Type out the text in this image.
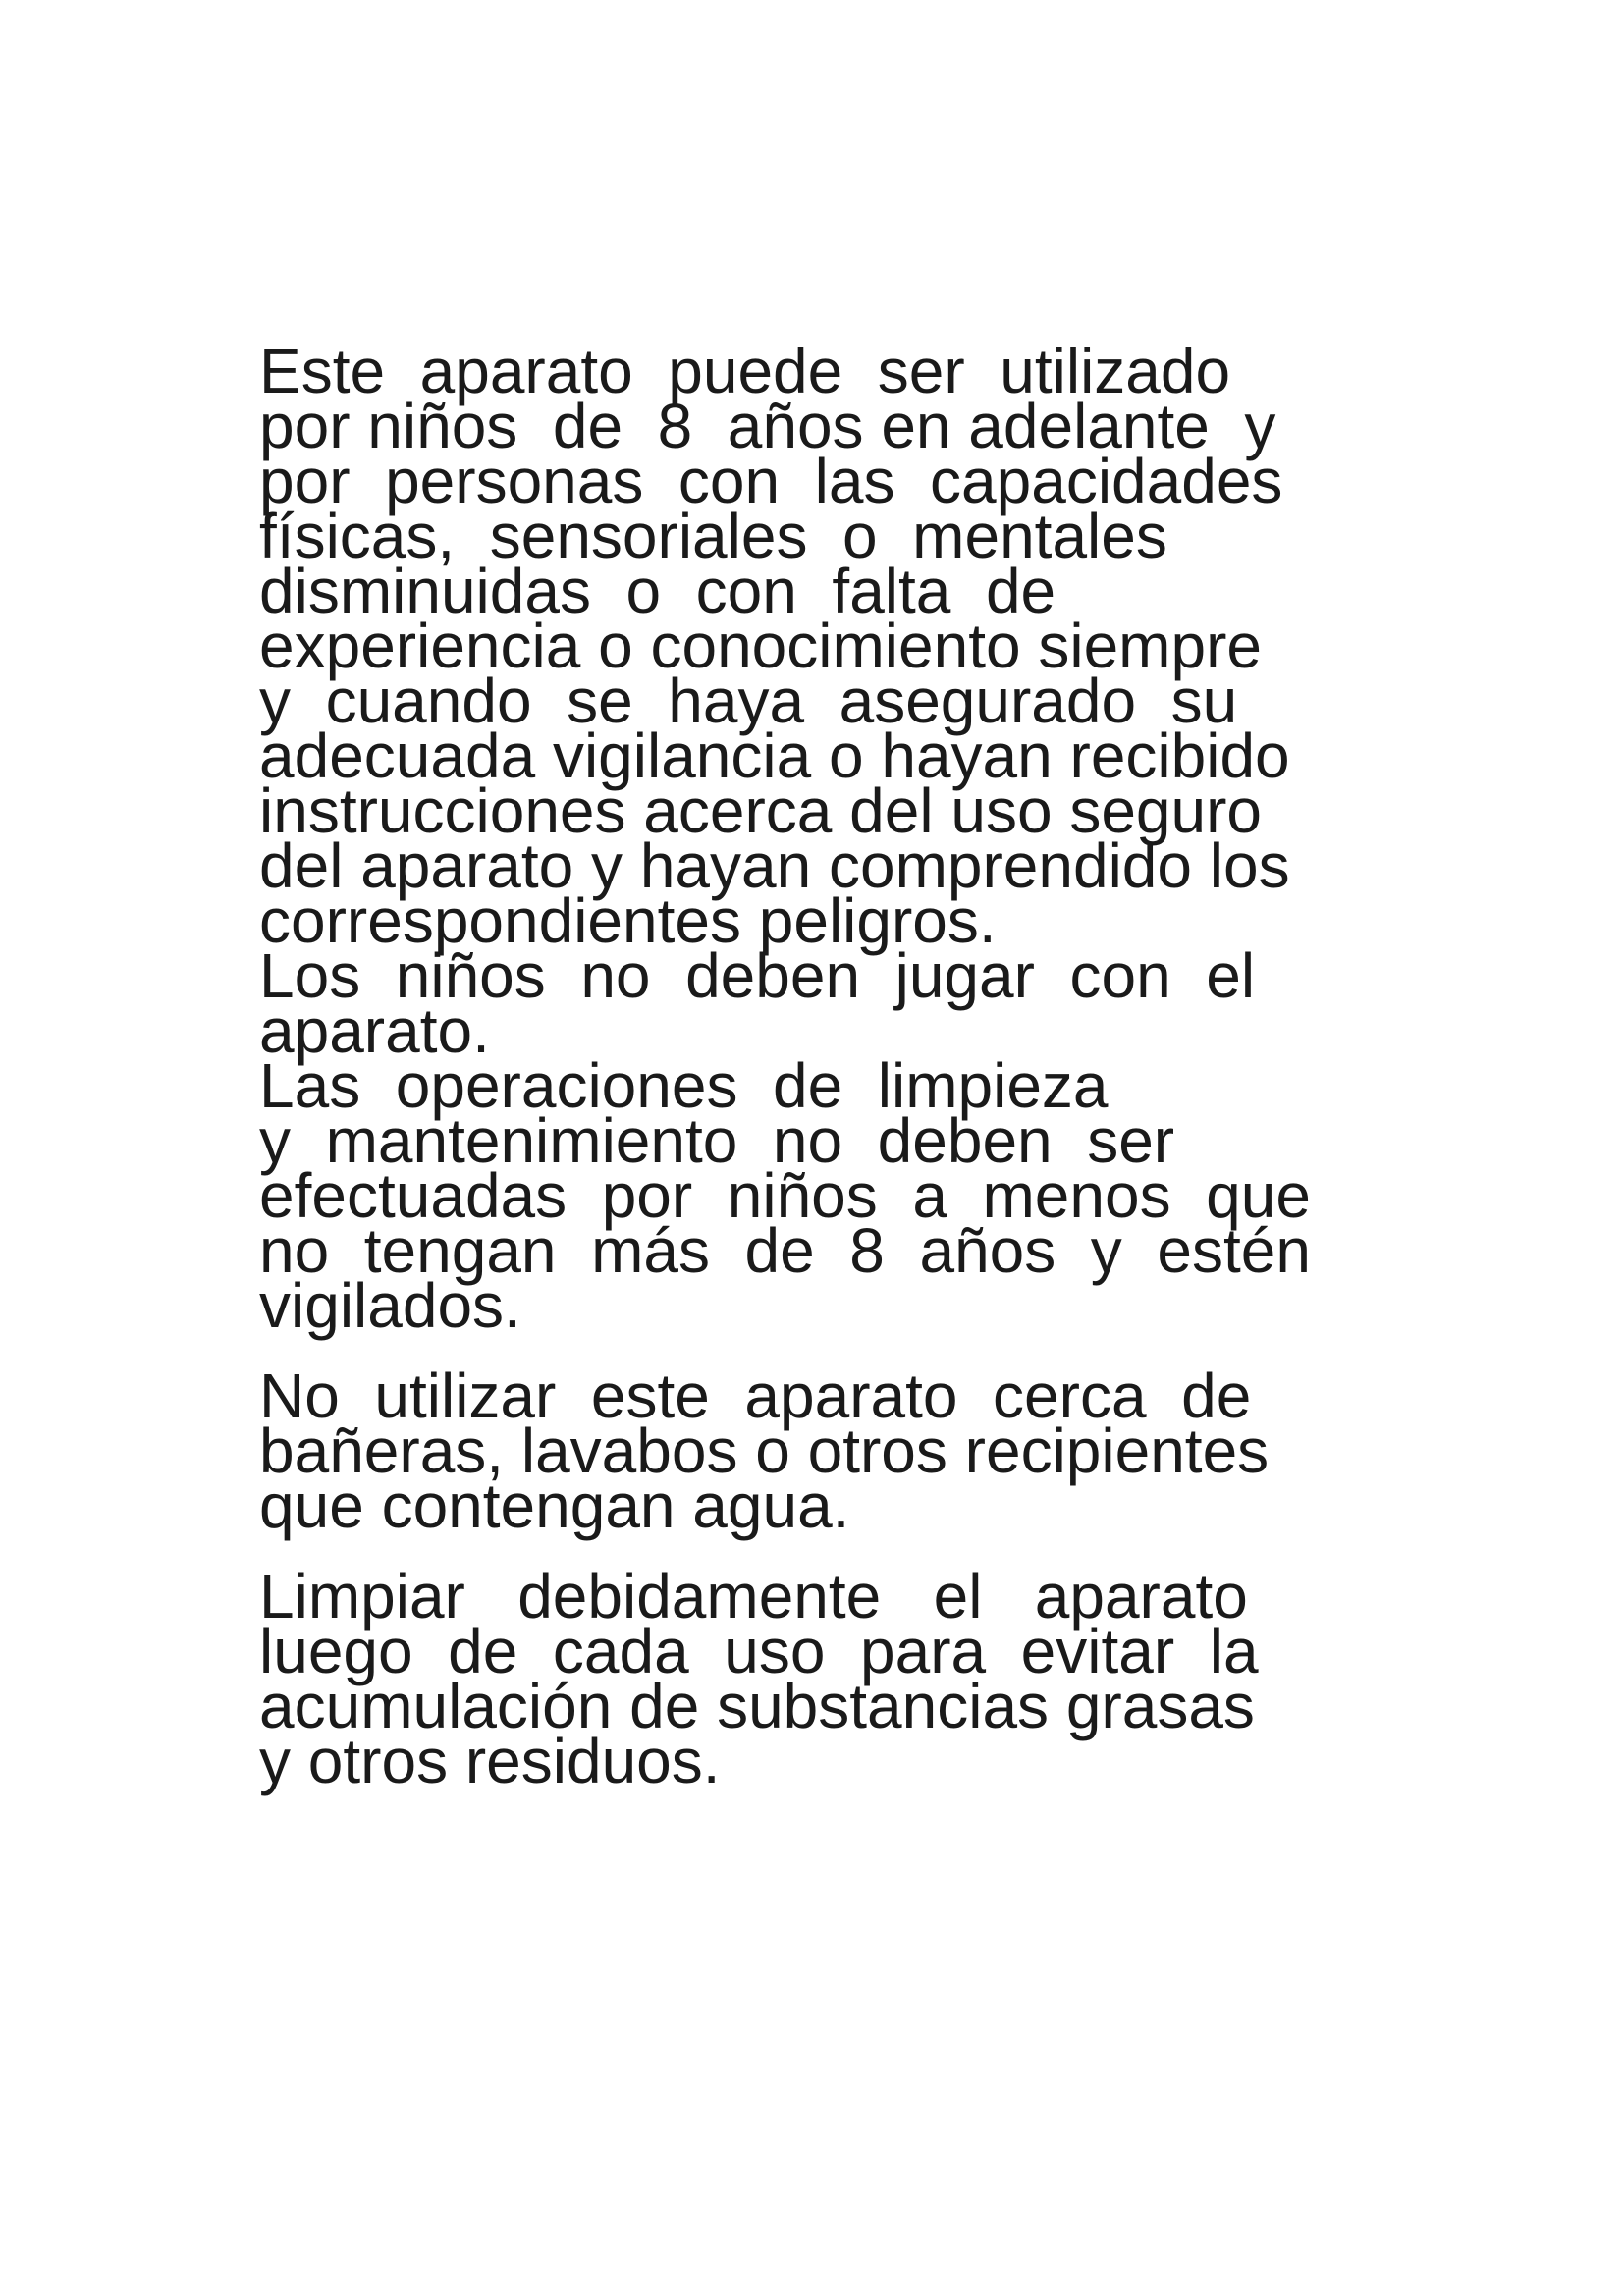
Este  aparato  puede  ser  utilizado
por niños  de  8  años en adelante  y
por  personas  con  las  capacidades
físicas,  sensoriales  o  mentales
disminuidas  o  con  falta  de
experiencia o conocimiento siempre
y  cuando  se  haya  asegurado  su
adecuada vigilancia o hayan recibido
instrucciones acerca del uso seguro
del aparato y hayan comprendido los
correspondientes peligros.
Los  niños  no  deben  jugar  con  el
aparato.
Las  operaciones  de  limpieza
y  mantenimiento  no  deben  ser
efectuadas  por  niños  a  menos  que
no  tengan  más  de  8  años  y  estén
vigilados.
No  utilizar  este  aparato  cerca  de
bañeras, lavabos o otros recipientes
que contengan agua.
Limpiar   debidamente   el   aparato
luego  de  cada  uso  para  evitar  la
acumulación de substancias grasas
y otros residuos.
